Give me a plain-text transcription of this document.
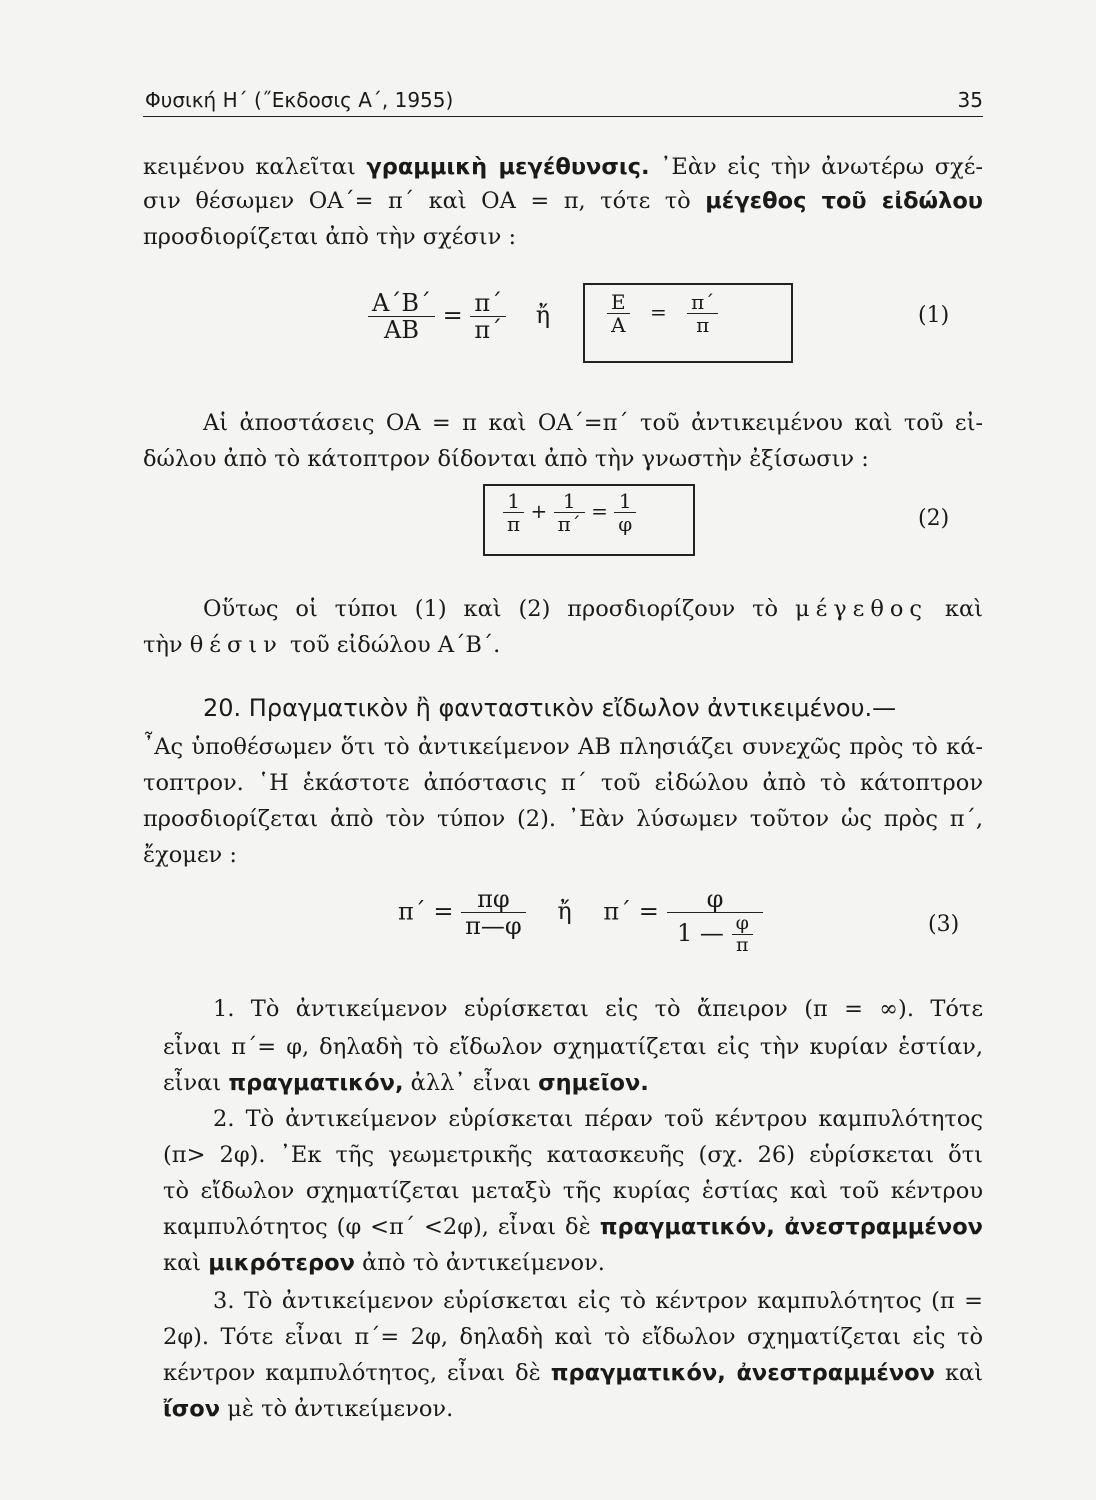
Φυσική Η΄ (˝Εκδοσις Α΄, 1955)	35
κειμένου καλεῖται γραμμικὴ μεγέθυνσις. ᾿Εὰν εἰς τὴν ἀνωτέρω σχέ-
σιν θέσωμεν ΟΑ΄= π΄ καὶ ΟΑ = π, τότε τὸ μέγεθος τοῦ εἰδώλου
προσδιορίζεται ἀπὸ τὴν σχέσιν :
$\frac{A΄B΄}{AB} = \frac{\pi΄}{\pi΄}$ ἤ	$\frac{E}{A} = \frac{\pi΄}{\pi}$	(1)
Αἱ ἀποστάσεις ΟΑ = π καὶ ΟΑ΄=π΄ τοῦ ἀντικειμένου καὶ τοῦ εἰ-
δώλου ἀπὸ τὸ κάτοπτρον δίδονται ἀπὸ τὴν γνωστὴν ἐξίσωσιν :
$\frac{1}{\pi} + \frac{1}{\pi΄} = \frac{1}{\varphi}$	(2)
Οὕτως οἱ τύποι (1) καὶ (2) προσδιορίζουν τὸ μέγεθος καὶ
τὴν θέσιν τοῦ εἰδώλου Α΄Β΄.
20. Πραγματικὸν ἢ φανταστικὸν εἴδωλον ἀντικειμένου.—
῏Ας ὑποθέσωμεν ὅτι τὸ ἀντικείμενον ΑΒ πλησιάζει συνεχῶς πρὸς τὸ κά-
τοπτρον. ῾Η ἑκάστοτε ἀπόστασις π΄ τοῦ εἰδώλου ἀπὸ τὸ κάτοπτρον
προσδιορίζεται ἀπὸ τὸν τύπον (2). ᾿Εὰν λύσωμεν τοῦτον ὡς πρὸς π΄,
ἔχομεν :
$\pi΄ = \frac{\pi\varphi}{\pi—\varphi}$ ἤ $\pi΄ = \frac{\varphi}{1 — \frac{\varphi}{\pi}}$	(3)
1. Τὸ ἀντικείμενον εὑρίσκεται εἰς τὸ ἄπειρον (π = ∞). Τότε
εἶναι π΄= φ, δηλαδὴ τὸ εἴδωλον σχηματίζεται εἰς τὴν κυρίαν ἑστίαν,
εἶναι πραγματικόν, ἀλλ᾿ εἶναι σημεῖον.
2. Τὸ ἀντικείμενον εὑρίσκεται πέραν τοῦ κέντρου καμπυλότητος
(π> 2φ). ᾿Εκ τῆς γεωμετρικῆς κατασκευῆς (σχ. 26) εὑρίσκεται ὅτι
τὸ εἴδωλον σχηματίζεται μεταξὺ τῆς κυρίας ἑστίας καὶ τοῦ κέντρου
καμπυλότητος (φ <π΄ <2φ), εἶναι δὲ πραγματικόν, ἀνεστραμμένον
καὶ μικρότερον ἀπὸ τὸ ἀντικείμενον.
3. Τὸ ἀντικείμενον εὑρίσκεται εἰς τὸ κέντρον καμπυλότητος (π =
2φ). Τότε εἶναι π΄= 2φ, δηλαδὴ καὶ τὸ εἴδωλον σχηματίζεται εἰς τὸ
κέντρον καμπυλότητος, εἶναι δὲ πραγματικόν, ἀνεστραμμένον καὶ
ἴσον μὲ τὸ ἀντικείμενον.
